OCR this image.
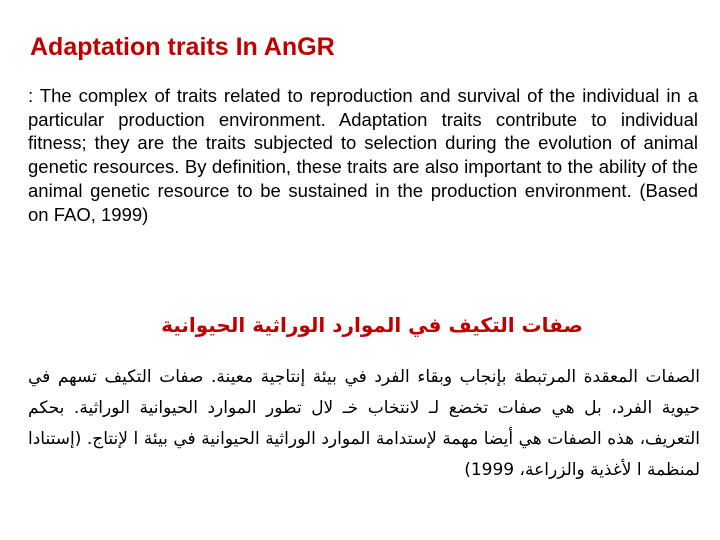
Adaptation traits In AnGR
: The complex of traits related to reproduction and survival of the individual in a particular production environment. Adaptation traits contribute to individual fitness; they are the traits subjected to selection during the evolution of animal genetic resources. By definition, these traits are also important to the ability of the animal genetic resource to be sustained in the production environment. (Based on FAO, 1999)
صفات التكيف في الموارد الوراثية الحيوانية
الصفات المعقدة المرتبطة بإنجاب وبقاء الفرد في بيئة إنتاجية معينة. صفات التكيف تسهم في حيوية الفرد، بل هي صفات تخضع لـ لانتخاب خـ لال تطور الموارد الحيوانية الوراثية. بحكم التعريف، هذه الصفات هي أيضا مهمة لإستدامة الموارد الوراثية الحيوانية في بيئة ا لإنتاج. (إستنادا لمنظمة ا لأغذية والزراعة، 1999)
